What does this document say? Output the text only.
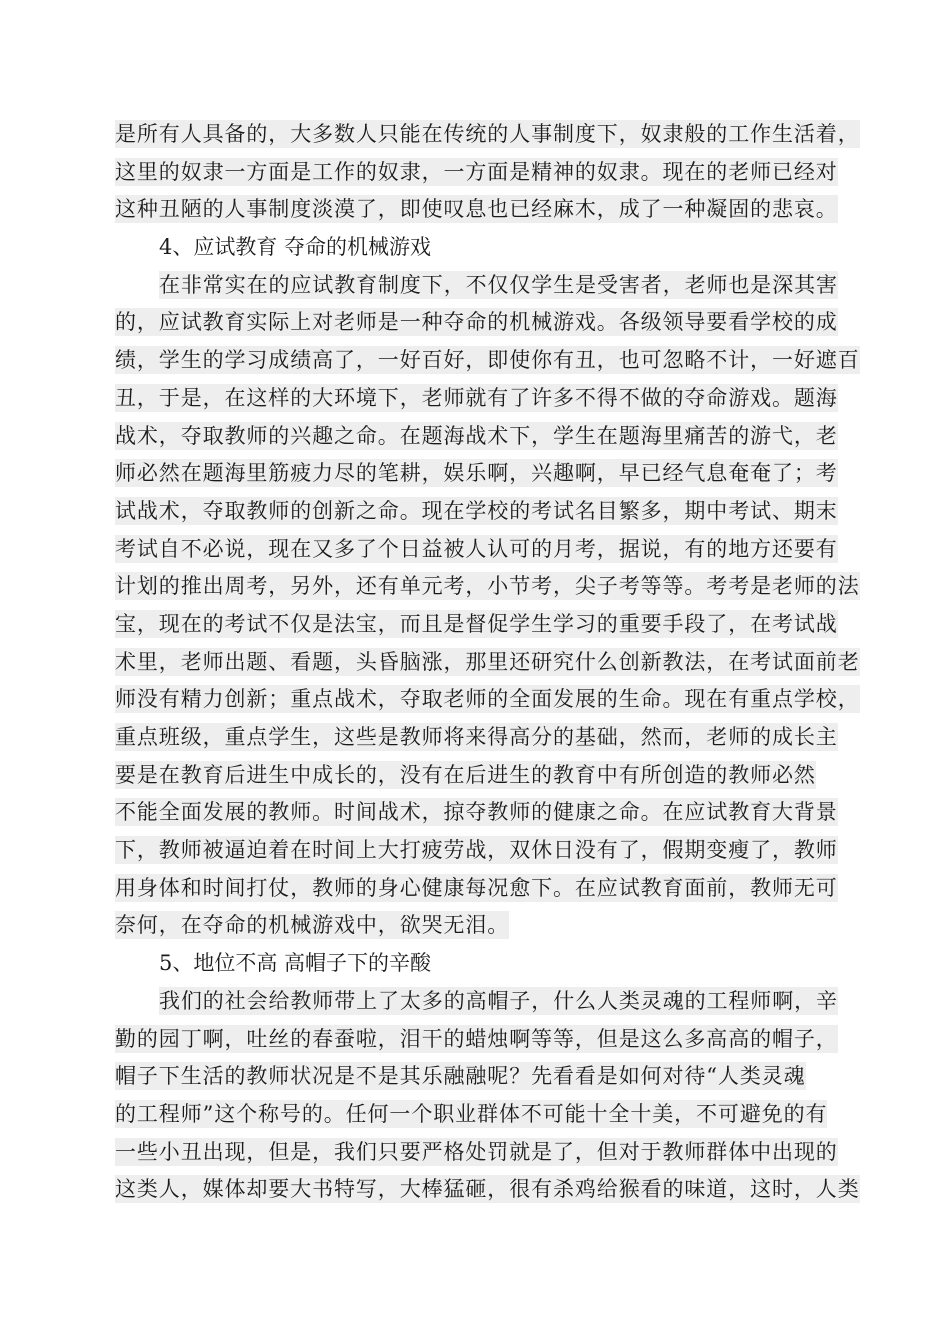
是所有人具备的，大多数人只能在传统的人事制度下，奴隶般的工作生活着，
这里的奴隶一方面是工作的奴隶，一方面是精神的奴隶。现在的老师已经对
这种丑陋的人事制度淡漠了，即使叹息也已经麻木，成了一种凝固的悲哀。
4、应试教育 夺命的机械游戏
在非常实在的应试教育制度下，不仅仅学生是受害者，老师也是深其害
的，应试教育实际上对老师是一种夺命的机械游戏。各级领导要看学校的成
绩，学生的学习成绩高了，一好百好，即使你有丑，也可忽略不计，一好遮百
丑，于是，在这样的大环境下，老师就有了许多不得不做的夺命游戏。题海
战术，夺取教师的兴趣之命。在题海战术下，学生在题海里痛苦的游弋，老
师必然在题海里筋疲力尽的笔耕，娱乐啊，兴趣啊，早已经气息奄奄了；考
试战术，夺取教师的创新之命。现在学校的考试名目繁多，期中考试、期末
考试自不必说，现在又多了个日益被人认可的月考，据说，有的地方还要有
计划的推出周考，另外，还有单元考，小节考，尖子考等等。考考是老师的法
宝，现在的考试不仅是法宝，而且是督促学生学习的重要手段了，在考试战
术里，老师出题、看题，头昏脑涨，那里还研究什么创新教法，在考试面前老
师没有精力创新；重点战术，夺取老师的全面发展的生命。现在有重点学校，
重点班级，重点学生，这些是教师将来得高分的基础，然而，老师的成长主
要是在教育后进生中成长的，没有在后进生的教育中有所创造的教师必然
不能全面发展的教师。时间战术，掠夺教师的健康之命。在应试教育大背景
下，教师被逼迫着在时间上大打疲劳战，双休日没有了，假期变瘦了，教师
用身体和时间打仗，教师的身心健康每况愈下。在应试教育面前，教师无可
奈何，在夺命的机械游戏中，欲哭无泪。
5、地位不高 高帽子下的辛酸
我们的社会给教师带上了太多的高帽子，什么人类灵魂的工程师啊，辛
勤的园丁啊，吐丝的春蚕啦，泪干的蜡烛啊等等，但是这么多高高的帽子，
帽子下生活的教师状况是不是其乐融融呢？先看看是如何对待“人类灵魂
的工程师”这个称号的。任何一个职业群体不可能十全十美，不可避免的有
一些小丑出现，但是，我们只要严格处罚就是了，但对于教师群体中出现的
这类人，媒体却要大书特写，大棒猛砸，很有杀鸡给猴看的味道，这时，人类
